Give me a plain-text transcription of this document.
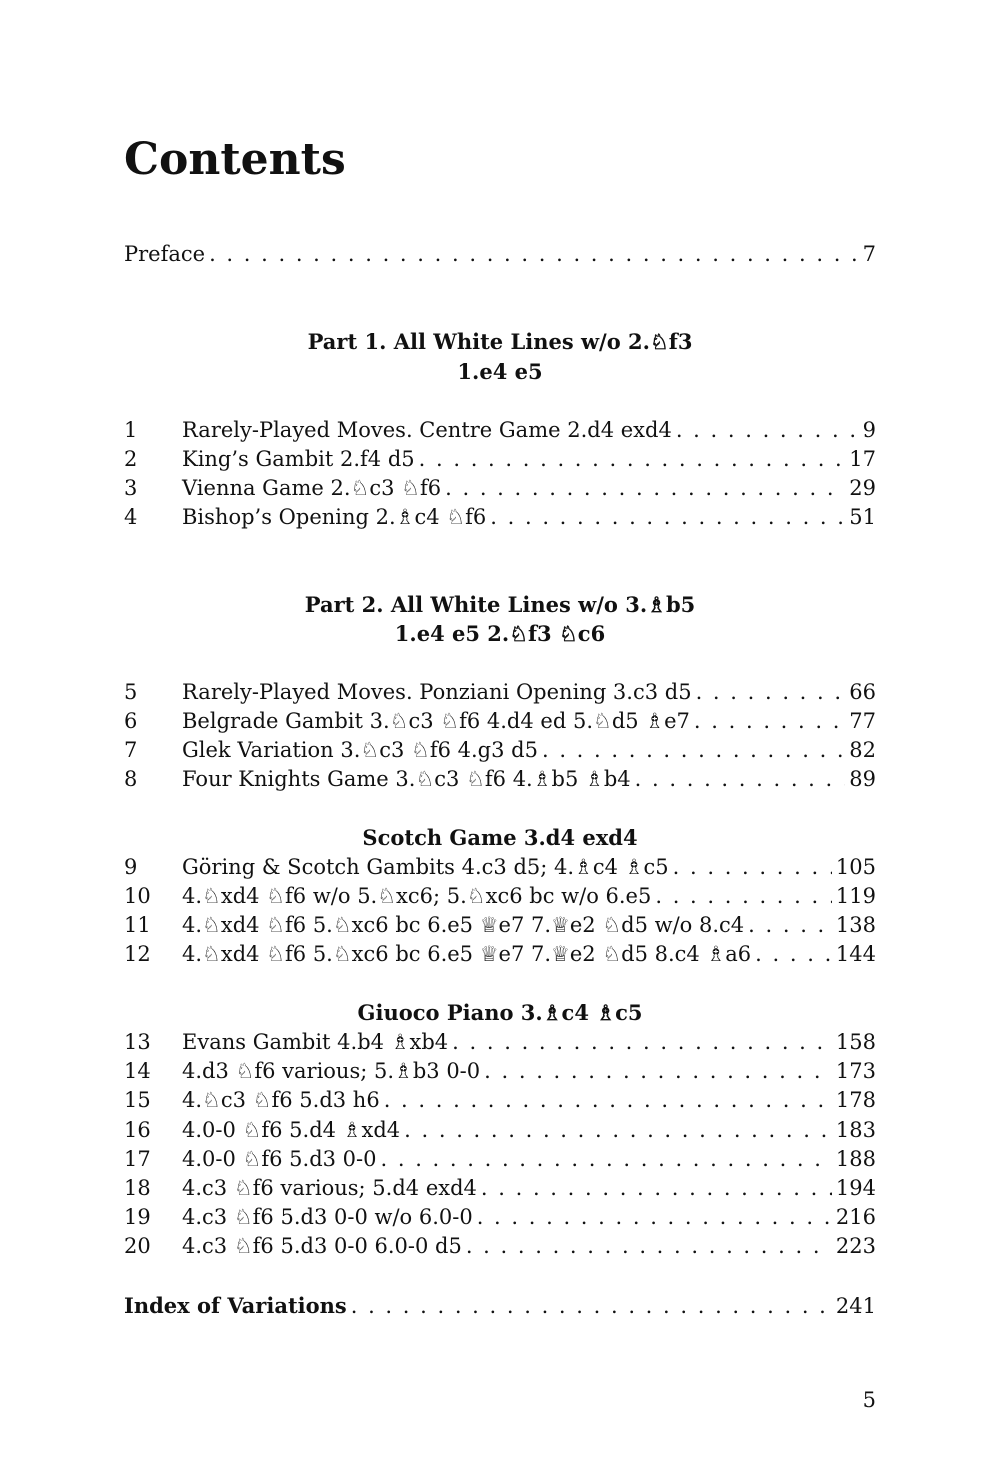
Contents
Preface . . .	7
Part 1. All White Lines w/o 2.♘f3
1.e4 e5
1	Rarely-Played Moves. Centre Game 2.d4 exd4 . . .	9
2	King’s Gambit 2.f4 d5 . . .	17
3	Vienna Game 2.♘c3 ♘f6 . . .	29
4	Bishop’s Opening 2.♗c4 ♘f6 . . .	51
Part 2. All White Lines w/o 3.♗b5
1.e4 e5 2.♘f3 ♘c6
5	Rarely-Played Moves. Ponziani Opening 3.c3 d5 . . .	66
6	Belgrade Gambit 3.♘c3 ♘f6 4.d4 ed 5.♘d5 ♗e7 . . .	77
7	Glek Variation 3.♘c3 ♘f6 4.g3 d5 . . .	82
8	Four Knights Game 3.♘c3 ♘f6 4.♗b5 ♗b4 . . .	89
Scotch Game 3.d4 exd4
9	Göring & Scotch Gambits 4.c3 d5; 4.♗c4 ♗c5 . . .	105
10	4.♘xd4 ♘f6 w/o 5.♘xc6; 5.♘xc6 bc w/o 6.e5 . . .	119
11	4.♘xd4 ♘f6 5.♘xc6 bc 6.e5 ♕e7 7.♕e2 ♘d5 w/o 8.c4 . . .	138
12	4.♘xd4 ♘f6 5.♘xc6 bc 6.e5 ♕e7 7.♕e2 ♘d5 8.c4 ♗a6 . . .	144
Giuoco Piano 3.♗c4 ♗c5
13	Evans Gambit 4.b4 ♗xb4 . . .	158
14	4.d3 ♘f6 various; 5.♗b3 0-0 . . .	173
15	4.♘c3 ♘f6 5.d3 h6 . . .	178
16	4.0-0 ♘f6 5.d4 ♗xd4 . . .	183
17	4.0-0 ♘f6 5.d3 0-0 . . .	188
18	4.c3 ♘f6 various; 5.d4 exd4 . . .	194
19	4.c3 ♘f6 5.d3 0-0 w/o 6.0-0 . . .	216
20	4.c3 ♘f6 5.d3 0-0 6.0-0 d5 . . .	223
Index of Variations . . .	241
5
